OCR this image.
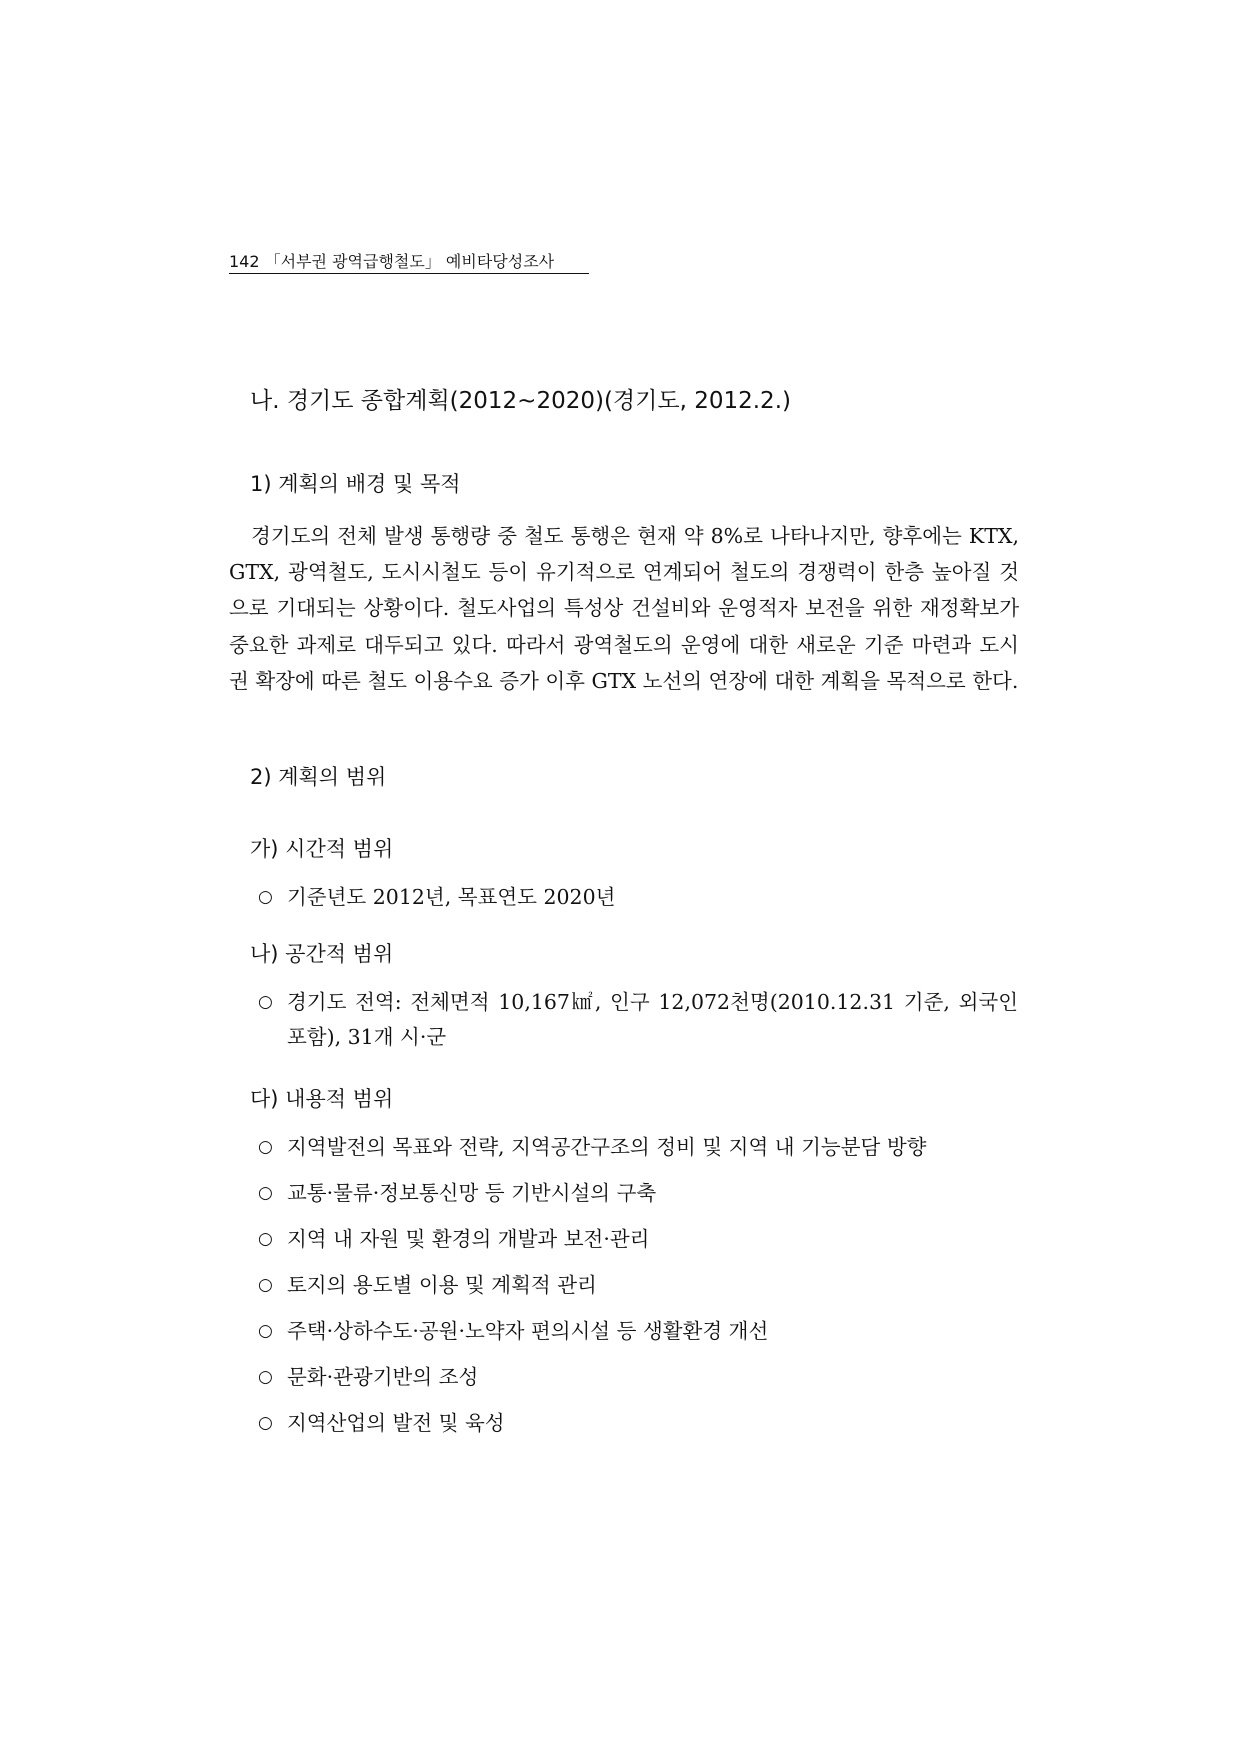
142 「서부권 광역급행철도」 예비타당성조사
나. 경기도 종합계획(2012~2020)(경기도, 2012.2.)
1) 계획의 배경 및 목적
경기도의 전체 발생 통행량 중 철도 통행은 현재 약 8%로 나타나지만, 향후에는 KTX, GTX, 광역철도, 도시시철도 등이 유기적으로 연계되어 철도의 경쟁력이 한층 높아질 것으로 기대되는 상황이다. 철도사업의 특성상 건설비와 운영적자 보전을 위한 재정확보가 중요한 과제로 대두되고 있다. 따라서 광역철도의 운영에 대한 새로운 기준 마련과 도시권 확장에 따른 철도 이용수요 증가 이후 GTX 노선의 연장에 대한 계획을 목적으로 한다.
2) 계획의 범위
가) 시간적 범위
○ 기준년도 2012년, 목표연도 2020년
나) 공간적 범위
○ 경기도 전역: 전체면적 10,167㎢, 인구 12,072천명(2010.12.31 기준, 외국인 포함), 31개 시·군
다) 내용적 범위
○ 지역발전의 목표와 전략, 지역공간구조의 정비 및 지역 내 기능분담 방향
○ 교통·물류·정보통신망 등 기반시설의 구축
○ 지역 내 자원 및 환경의 개발과 보전·관리
○ 토지의 용도별 이용 및 계획적 관리
○ 주택·상하수도·공원·노약자 편의시설 등 생활환경 개선
○ 문화·관광기반의 조성
○ 지역산업의 발전 및 육성
